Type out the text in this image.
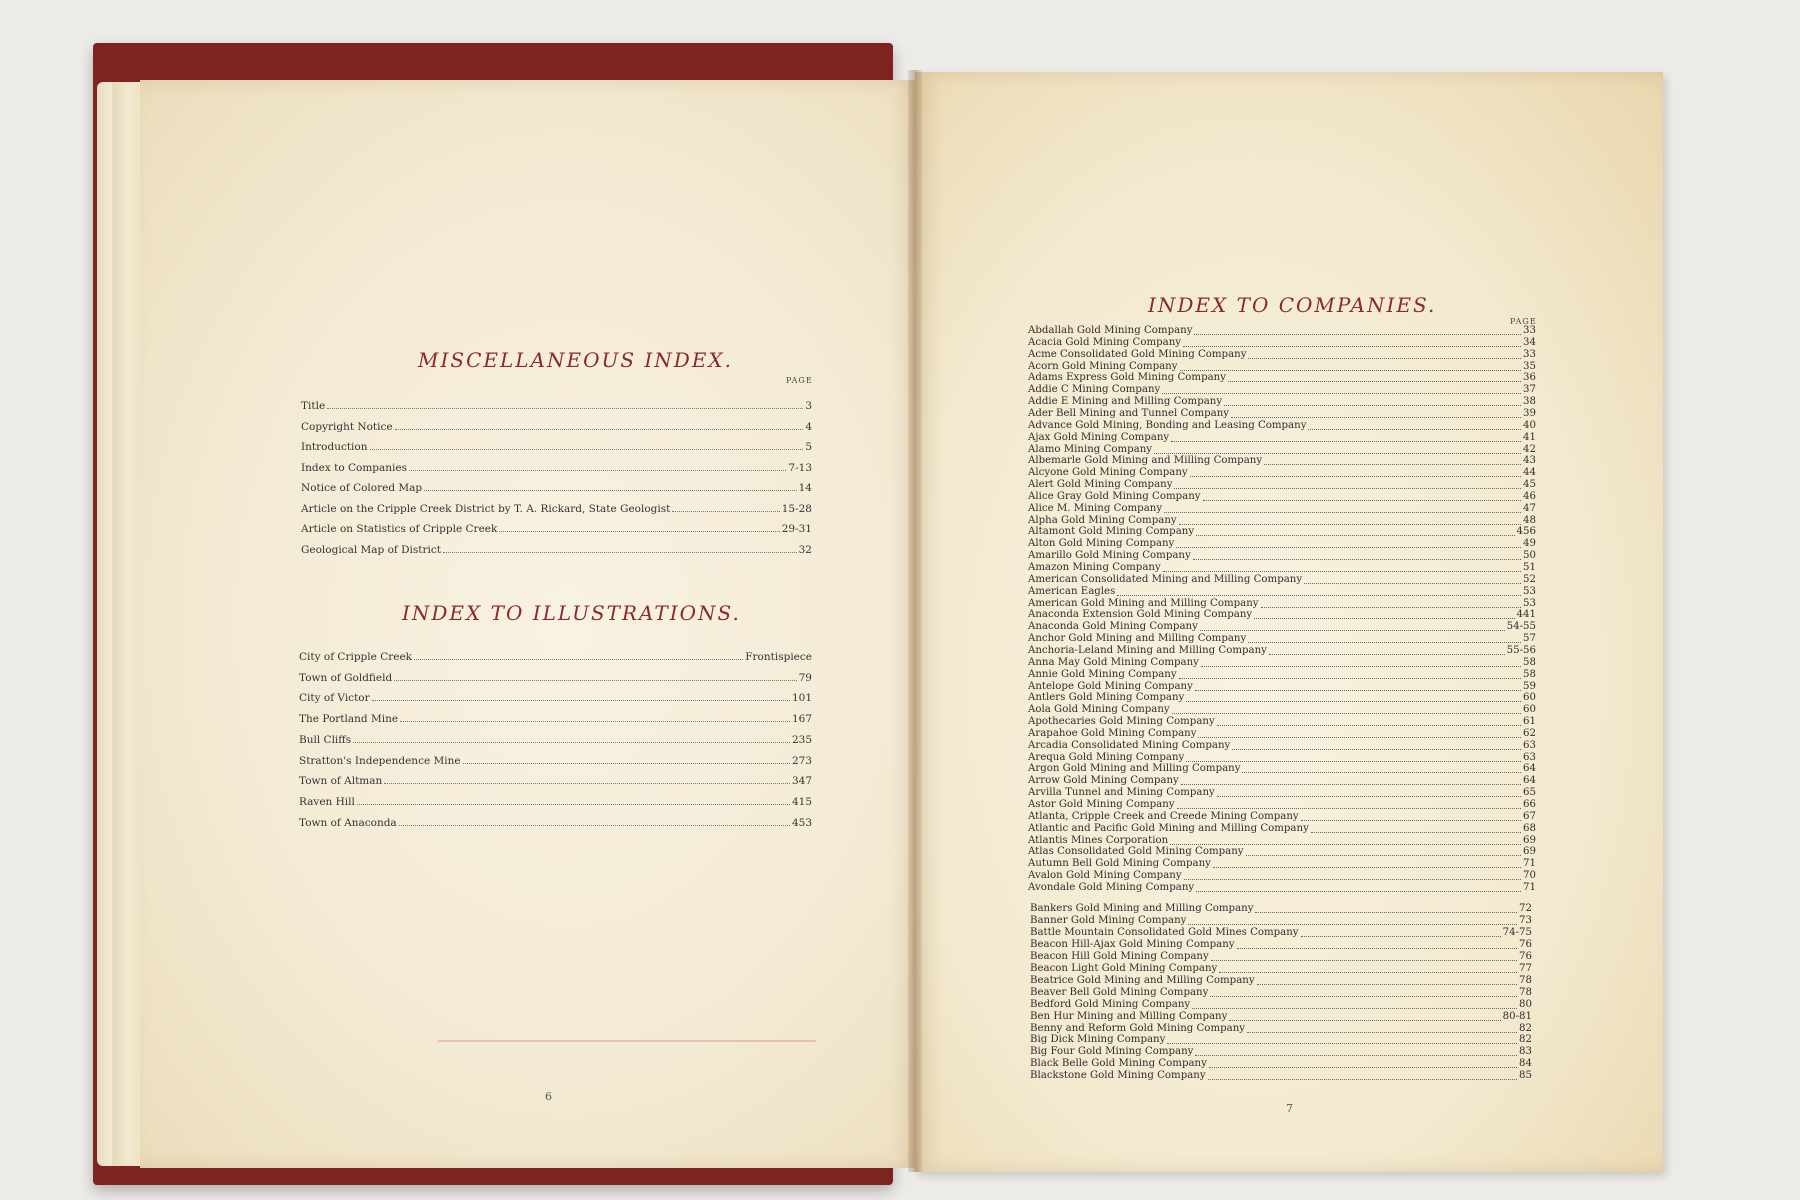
MISCELLANEOUS INDEX.
PAGE
Title	3
Copyright Notice	4
Introduction	5
Index to Companies	7-13
Notice of Colored Map	14
Article on the Cripple Creek District by T. A. Rickard, State Geologist	15-28
Article on Statistics of Cripple Creek	29-31
Geological Map of District	32
INDEX TO ILLUSTRATIONS.
City of Cripple Creek	Frontispiece
Town of Goldfield	79
City of Victor	101
The Portland Mine	167
Bull Cliffs	235
Stratton's Independence Mine	273
Town of Altman	347
Raven Hill	415
Town of Anaconda	453
6
INDEX TO COMPANIES.
PAGE
Abdallah Gold Mining Company	33
Acacia Gold Mining Company	34
Acme Consolidated Gold Mining Company	33
Acorn Gold Mining Company	35
Adams Express Gold Mining Company	36
Addie C Mining Company	37
Addie E Mining and Milling Company	38
Ader Bell Mining and Tunnel Company	39
Advance Gold Mining, Bonding and Leasing Company	40
Ajax Gold Mining Company	41
Alamo Mining Company	42
Albemarle Gold Mining and Milling Company	43
Alcyone Gold Mining Company	44
Alert Gold Mining Company	45
Alice Gray Gold Mining Company	46
Alice M. Mining Company	47
Alpha Gold Mining Company	48
Altamont Gold Mining Company	456
Alton Gold Mining Company	49
Amarillo Gold Mining Company	50
Amazon Mining Company	51
American Consolidated Mining and Milling Company	52
American Eagles	53
American Gold Mining and Milling Company	53
Anaconda Extension Gold Mining Company	441
Anaconda Gold Mining Company	54-55
Anchor Gold Mining and Milling Company	57
Anchoria-Leland Mining and Milling Company	55-56
Anna May Gold Mining Company	58
Annie Gold Mining Company	58
Antelope Gold Mining Company	59
Antlers Gold Mining Company	60
Aola Gold Mining Company	60
Apothecaries Gold Mining Company	61
Arapahoe Gold Mining Company	62
Arcadia Consolidated Mining Company	63
Arequa Gold Mining Company	63
Argon Gold Mining and Milling Company	64
Arrow Gold Mining Company	64
Arvilla Tunnel and Mining Company	65
Astor Gold Mining Company	66
Atlanta, Cripple Creek and Creede Mining Company	67
Atlantic and Pacific Gold Mining and Milling Company	68
Atlantis Mines Corporation	69
Atlas Consolidated Gold Mining Company	69
Autumn Bell Gold Mining Company	71
Avalon Gold Mining Company	70
Avondale Gold Mining Company	71
Bankers Gold Mining and Milling Company	72
Banner Gold Mining Company	73
Battle Mountain Consolidated Gold Mines Company	74-75
Beacon Hill-Ajax Gold Mining Company	76
Beacon Hill Gold Mining Company	76
Beacon Light Gold Mining Company	77
Beatrice Gold Mining and Milling Company	78
Beaver Bell Gold Mining Company	78
Bedford Gold Mining Company	80
Ben Hur Mining and Milling Company	80-81
Benny and Reform Gold Mining Company	82
Big Dick Mining Company	82
Big Four Gold Mining Company	83
Black Belle Gold Mining Company	84
Blackstone Gold Mining Company	85
7
